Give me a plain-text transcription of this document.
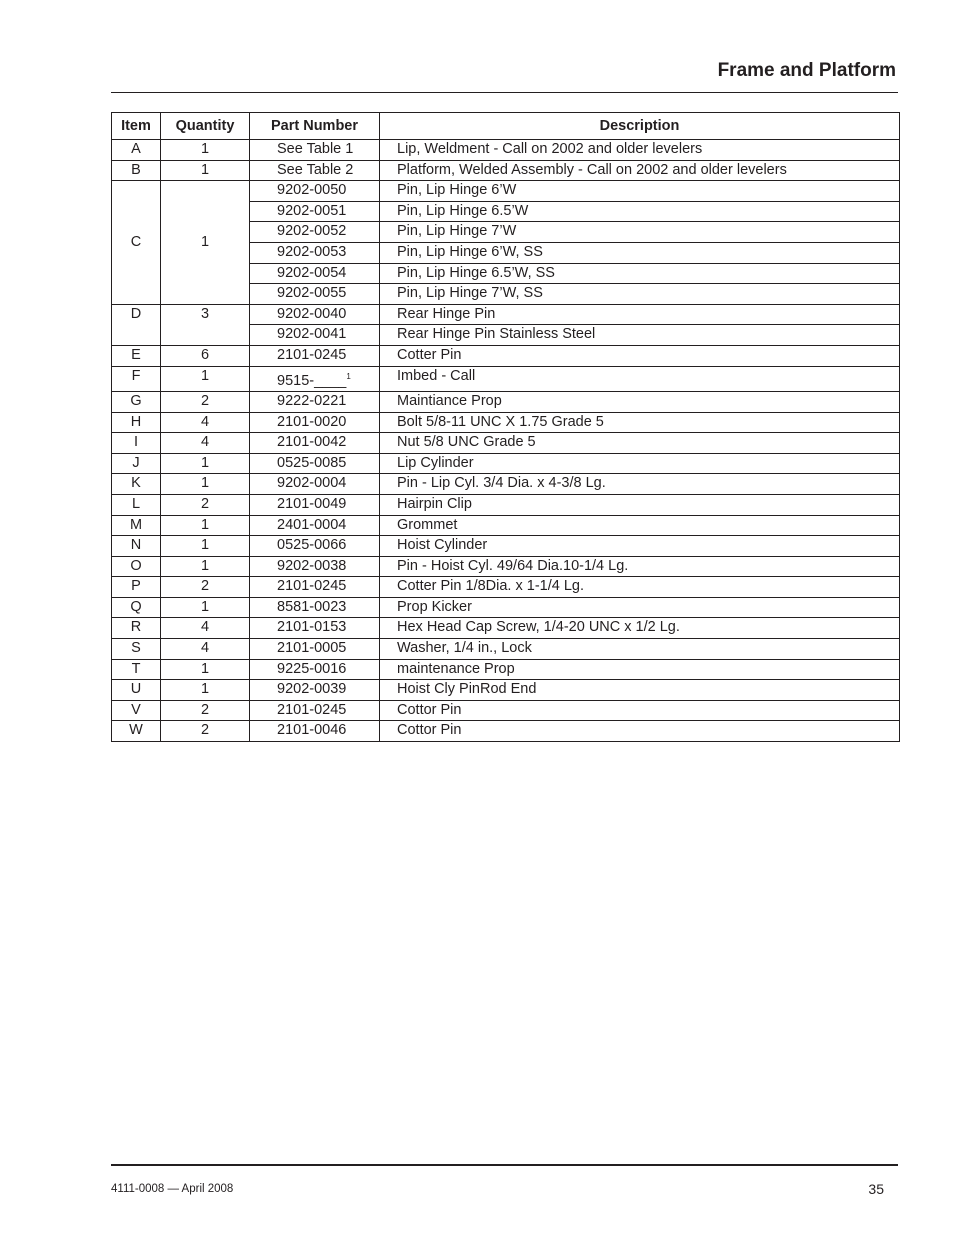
Frame and Platform
Item	Quantity	Part Number	Description
A	1	See Table 1	Lip, Weldment - Call on 2002 and older levelers
B	1	See Table 2	Platform, Welded Assembly - Call on 2002 and older levelers
C	1	9202-0050	Pin, Lip Hinge 6’W
		9202-0051	Pin, Lip Hinge 6.5’W
		9202-0052	Pin, Lip Hinge 7’W
		9202-0053	Pin, Lip Hinge 6’W, SS
		9202-0054	Pin, Lip Hinge 6.5’W, SS
		9202-0055	Pin, Lip Hinge 7’W, SS
D	3	9202-0040	Rear Hinge Pin
		9202-0041	Rear Hinge Pin Stainless Steel
E	6	2101-0245	Cotter Pin
F	1	9515-____$^1$	Imbed - Call
G	2	9222-0221	Maintiance Prop
H	4	2101-0020	Bolt 5/8-11 UNC X 1.75 Grade 5
I	4	2101-0042	Nut 5/8 UNC Grade 5
J	1	0525-0085	Lip Cylinder
K	1	9202-0004	Pin - Lip Cyl. 3/4 Dia. x 4-3/8 Lg.
L	2	2101-0049	Hairpin Clip
M	1	2401-0004	Grommet
N	1	0525-0066	Hoist Cylinder
O	1	9202-0038	Pin - Hoist Cyl. 49/64 Dia.10-1/4 Lg.
P	2	2101-0245	Cotter Pin 1/8Dia. x 1-1/4 Lg.
Q	1	8581-0023	Prop Kicker
R	4	2101-0153	Hex Head Cap Screw, 1/4-20 UNC x 1/2 Lg.
S	4	2101-0005	Washer, 1/4 in., Lock
T	1	9225-0016	maintenance Prop
U	1	9202-0039	Hoist Cly PinRod End
V	2	2101-0245	Cottor Pin
W	2	2101-0046	Cottor Pin
4111-0008 — April 2008	35
